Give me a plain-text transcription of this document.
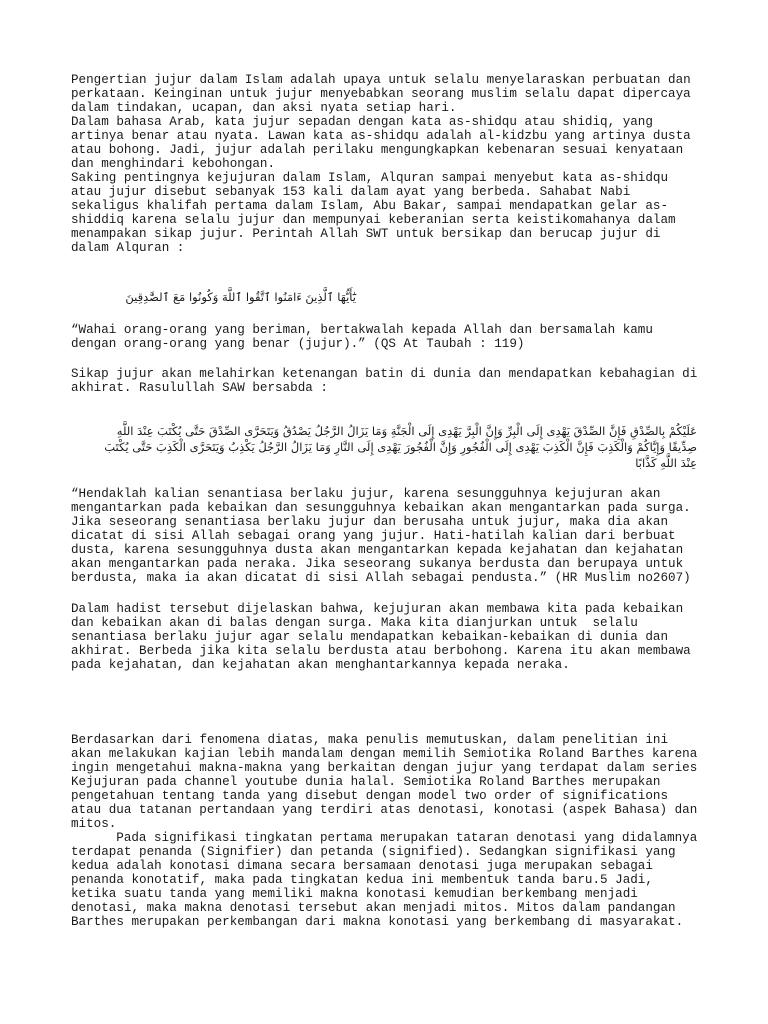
Pengertian jujur dalam Islam adalah upaya untuk selalu menyelaraskan perbuatan dan
perkataan. Keinginan untuk jujur menyebabkan seorang muslim selalu dapat dipercaya
dalam tindakan, ucapan, dan aksi nyata setiap hari.
Dalam bahasa Arab, kata jujur sepadan dengan kata as-shidqu atau shidiq, yang
artinya benar atau nyata. Lawan kata as-shidqu adalah al-kidzbu yang artinya dusta
atau bohong. Jadi, jujur adalah perilaku mengungkapkan kebenaran sesuai kenyataan
dan menghindari kebohongan.
Saking pentingnya kejujuran dalam Islam, Alquran sampai menyebut kata as-shidqu
atau jujur disebut sebanyak 153 kali dalam ayat yang berbeda. Sahabat Nabi
sekaligus khalifah pertama dalam Islam, Abu Bakar, sampai mendapatkan gelar as-
shiddiq karena selalu jujur dan mempunyai keberanian serta keistikomahanya dalam
menampakan sikap jujur. Perintah Allah SWT untuk bersikap dan berucap jujur di
dalam Alquran :
يَٰٓأَيُّهَا ٱلَّذِينَ ءَامَنُوا ٱتَّقُوا ٱللَّهَ وَكُونُوا مَعَ ٱلصَّٰدِقِينَ
“Wahai orang-orang yang beriman, bertakwalah kepada Allah dan bersamalah kamu
dengan orang-orang yang benar (jujur).” (QS At Taubah : 119)
Sikap jujur akan melahirkan ketenangan batin di dunia dan mendapatkan kebahagian di
akhirat. Rasulullah SAW bersabda :
عَلَيْكُمْ بِالصِّدْقِ فَإِنَّ الصِّدْقَ يَهْدِى إِلَى الْبِرِّ وَإِنَّ الْبِرَّ يَهْدِى إِلَى الْجَنَّةِ وَمَا يَزَالُ الرَّجُلُ يَصْدُقُ وَيَتَحَرَّى الصِّدْقَ حَتَّى يُكْتَبَ عِنْدَ اللَّهِ
صِدِّيقًا وَإِيَّاكُمْ وَالْكَذِبَ فَإِنَّ الْكَذِبَ يَهْدِى إِلَى الْفُجُورِ وَإِنَّ الْفُجُورَ يَهْدِى إِلَى النَّارِ وَمَا يَزَالُ الرَّجُلُ يَكْذِبُ وَيَتَحَرَّى الْكَذِبَ حَتَّى يُكْتَبَ
عِنْدَ اللَّهِ كَذَّابًا
“Hendaklah kalian senantiasa berlaku jujur, karena sesungguhnya kejujuran akan
mengantarkan pada kebaikan dan sesungguhnya kebaikan akan mengantarkan pada surga.
Jika seseorang senantiasa berlaku jujur dan berusaha untuk jujur, maka dia akan
dicatat di sisi Allah sebagai orang yang jujur. Hati-hatilah kalian dari berbuat
dusta, karena sesungguhnya dusta akan mengantarkan kepada kejahatan dan kejahatan
akan mengantarkan pada neraka. Jika seseorang sukanya berdusta dan berupaya untuk
berdusta, maka ia akan dicatat di sisi Allah sebagai pendusta.” (HR Muslim no2607)
Dalam hadist tersebut dijelaskan bahwa, kejujuran akan membawa kita pada kebaikan
dan kebaikan akan di balas dengan surga. Maka kita dianjurkan untuk  selalu
senantiasa berlaku jujur agar selalu mendapatkan kebaikan-kebaikan di dunia dan
akhirat. Berbeda jika kita selalu berdusta atau berbohong. Karena itu akan membawa
pada kejahatan, dan kejahatan akan menghantarkannya kepada neraka.
Berdasarkan dari fenomena diatas, maka penulis memutuskan, dalam penelitian ini
akan melakukan kajian lebih mandalam dengan memilih Semiotika Roland Barthes karena
ingin mengetahui makna-makna yang berkaitan dengan jujur yang terdapat dalam series
Kejujuran pada channel youtube dunia halal. Semiotika Roland Barthes merupakan
pengetahuan tentang tanda yang disebut dengan model two order of significations
atau dua tatanan pertandaan yang terdiri atas denotasi, konotasi (aspek Bahasa) dan
mitos.
Pada signifikasi tingkatan pertama merupakan tataran denotasi yang didalamnya
terdapat penanda (Signifier) dan petanda (signified). Sedangkan signifikasi yang
kedua adalah konotasi dimana secara bersamaan denotasi juga merupakan sebagai
penanda konotatif, maka pada tingkatan kedua ini membentuk tanda baru.5 Jadi,
ketika suatu tanda yang memiliki makna konotasi kemudian berkembang menjadi
denotasi, maka makna denotasi tersebut akan menjadi mitos. Mitos dalam pandangan
Barthes merupakan perkembangan dari makna konotasi yang berkembang di masyarakat.
